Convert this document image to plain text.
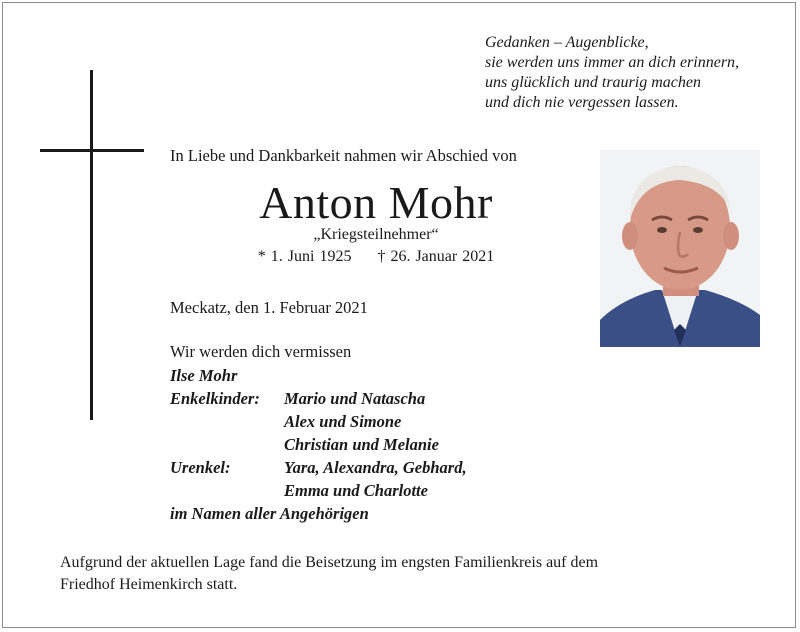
Gedanken – Augenblicke,
sie werden uns immer an dich erinnern,
uns glücklich und traurig machen
und dich nie vergessen lassen.
In Liebe und Dankbarkeit nahmen wir Abschied von
Anton Mohr
„Kriegsteilnehmer“
* 1. Juni 1925 † 26. Januar 2021
Meckatz, den 1. Februar 2021
Wir werden dich vermissen
Ilse Mohr
Enkelkinder:	Mario und Natascha
Alex und Simone
Christian und Melanie
Urenkel:	Yara, Alexandra, Gebhard,
Emma und Charlotte
im Namen aller Angehörigen
Aufgrund der aktuellen Lage fand die Beisetzung im engsten Familienkreis auf dem
Friedhof Heimenkirch statt.
